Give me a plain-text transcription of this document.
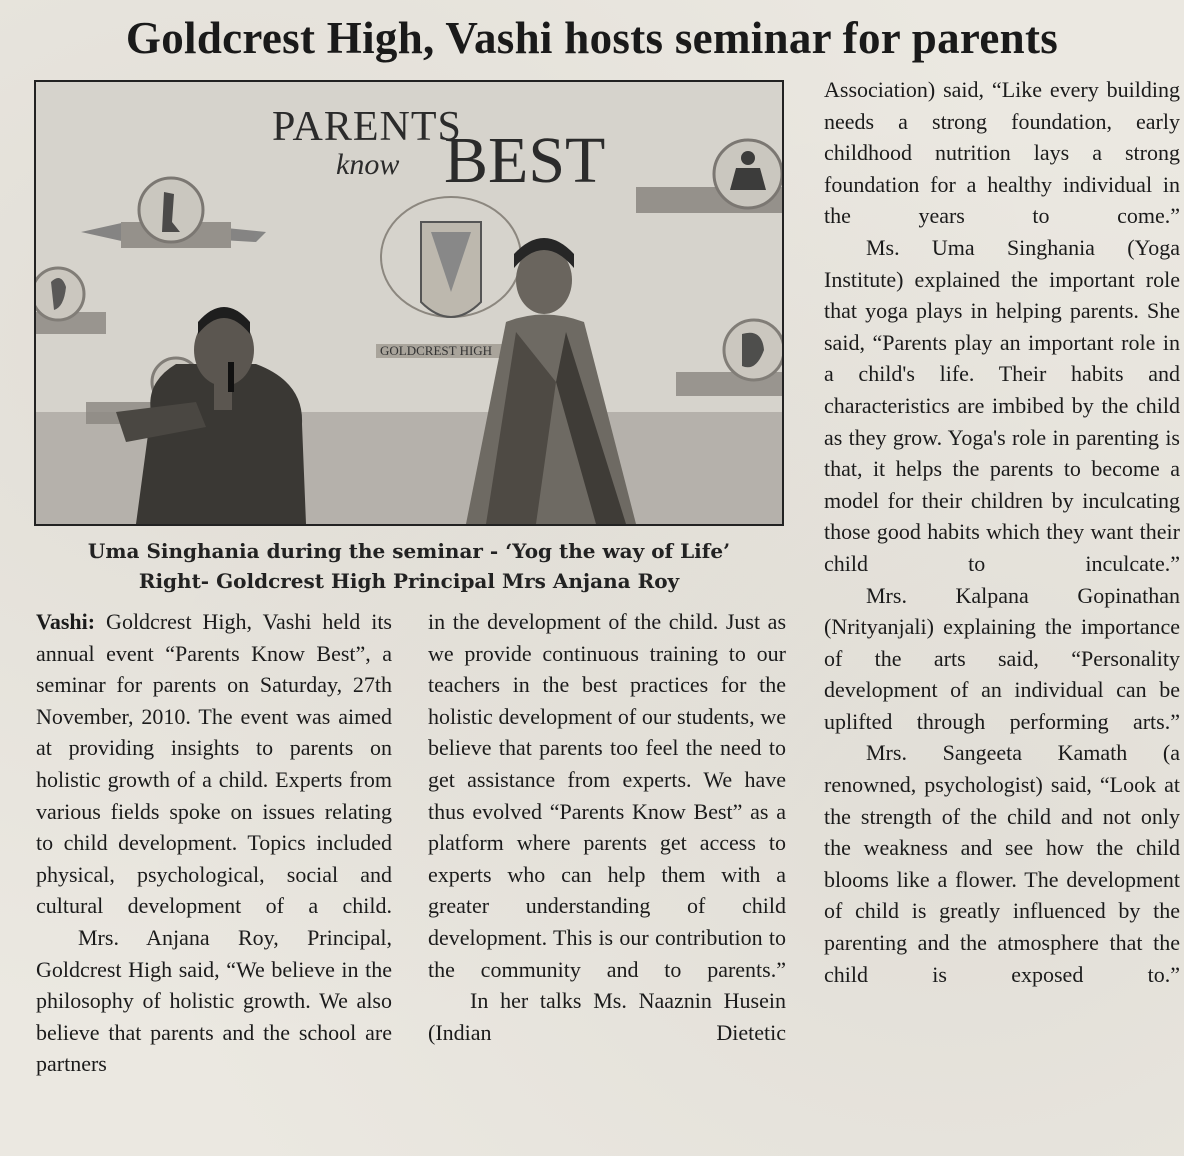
Goldcrest High, Vashi hosts seminar for parents
PARENTS
know BEST
GOLDCREST HIGH
Uma Singhania during the seminar - ‘Yog the way of Life’
Right- Goldcrest High Principal Mrs Anjana Roy

Vashi: Goldcrest High, Vashi held its annual event “Parents Know Best”, a seminar for parents on Saturday, 27th November, 2010. The event was aimed at providing insights to parents on holistic growth of a child. Experts from various fields spoke on issues relating to child development. Topics included physical, psychological, social and cultural development of a child.

Mrs. Anjana Roy, Principal, Goldcrest High said, “We believe in the philosophy of holistic growth. We also believe that parents and the school are partners

in the development of the child. Just as we provide continuous training to our teachers in the best practices for the holistic development of our students, we believe that parents too feel the need to get assistance from experts. We have thus evolved “Parents Know Best” as a platform where parents get access to experts who can help them with a greater understanding of child development. This is our contribution to the community and to parents.”

In her talks Ms. Naaznin Husein (Indian Dietetic

Association) said, “Like every building needs a strong foundation, early childhood nutrition lays a strong foundation for a healthy individual in the years to come.”

Ms. Uma Singhania (Yoga Institute) explained the important role that yoga plays in helping parents. She said, “Parents play an important role in a child's life. Their habits and characteristics are imbibed by the child as they grow. Yoga's role in parenting is that, it helps the parents to become a model for their children by inculcating those good habits which they want their child to inculcate.”

Mrs. Kalpana Gopinathan (Nrityanjali) explaining the importance of the arts said, “Personality development of an individual can be uplifted through performing arts.”

Mrs. Sangeeta Kamath (a renowned, psychologist) said, “Look at the strength of the child and not only the weakness and see how the child blooms like a flower. The development of child is greatly influenced by the parenting and the atmosphere that the child is exposed to.”
